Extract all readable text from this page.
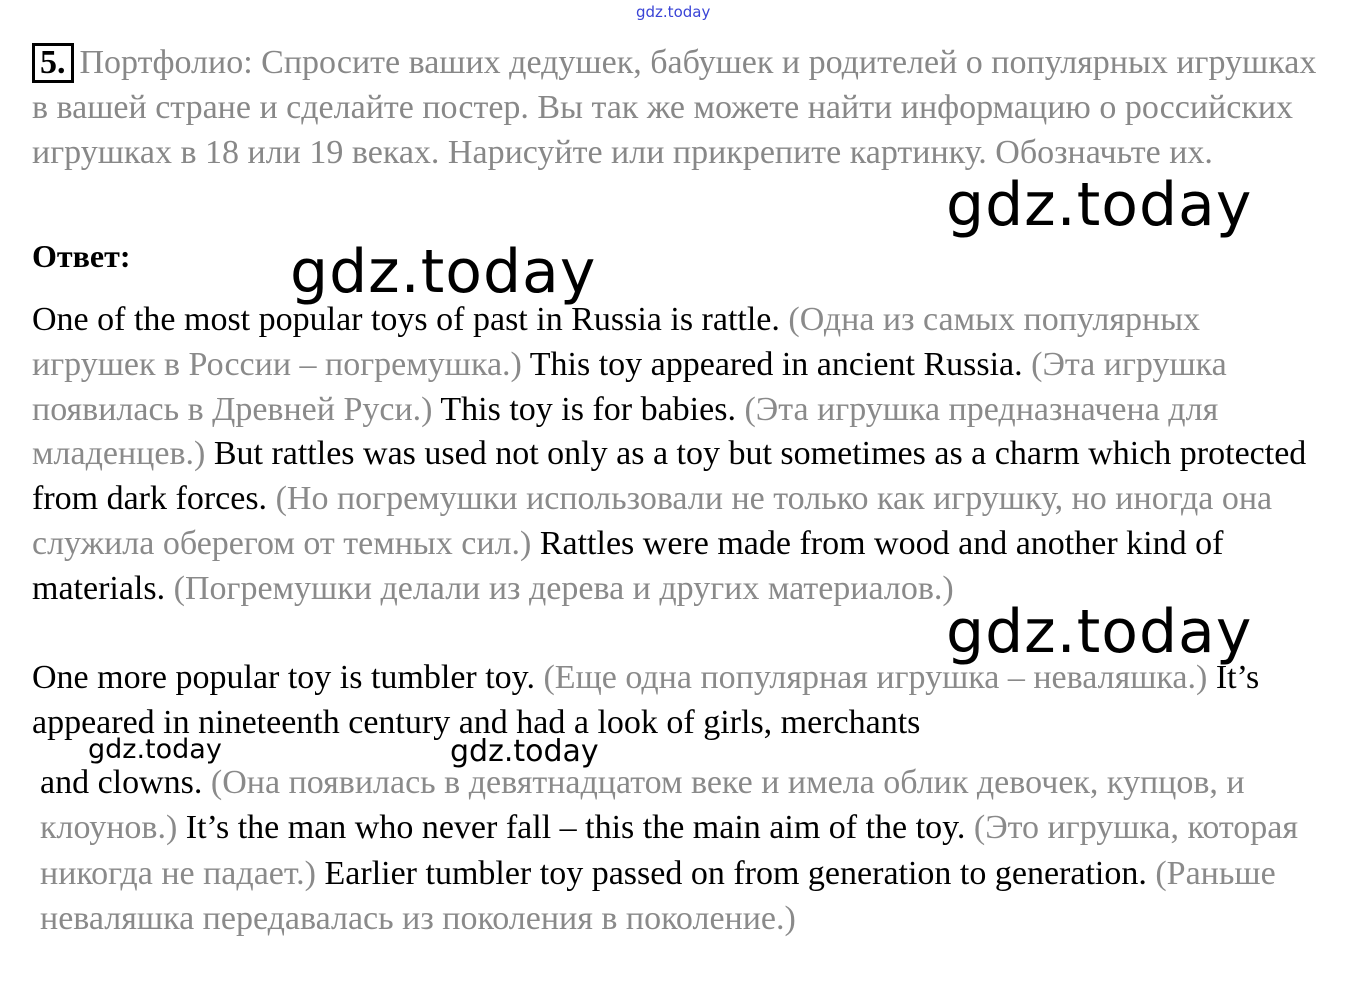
gdz.today
gdz.today
gdz.today
gdz.today
gdz.today	gdz.today
5. Портфолио: Спросите ваших дедушек, бабушек и родителей о популярных игрушках в вашей стране и сделайте постер. Вы так же можете найти информацию о российских игрушках в 18 или 19 веках. Нарисуйте или прикрепите картинку. Обозначьте их.
Ответ:
One of the most popular toys of past in Russia is rattle. (Одна из самых популярных игрушек в России – погремушка.) This toy appeared in ancient Russia. (Эта игрушка появилась в Древней Руси.) This toy is for babies. (Эта игрушка предназначена для младенцев.) But rattles was used not only as a toy but sometimes as a charm which protected from dark forces. (Но погремушки использовали не только как игрушку, но иногда она служила оберегом от темных сил.) Rattles were made from wood and another kind of materials. (Погремушки делали из дерева и других материалов.)
One more popular toy is tumbler toy. (Еще одна популярная игрушка – неваляшка.) It’s appeared in nineteenth century and had a look of girls, merchants
and clowns. (Она появилась в девятнадцатом веке и имела облик девочек, купцов, и клоунов.) It’s the man who never fall – this the main aim of the toy. (Это игрушка, которая никогда не падает.) Earlier tumbler toy passed on from generation to generation. (Раньше неваляшка передавалась из поколения в поколение.)
